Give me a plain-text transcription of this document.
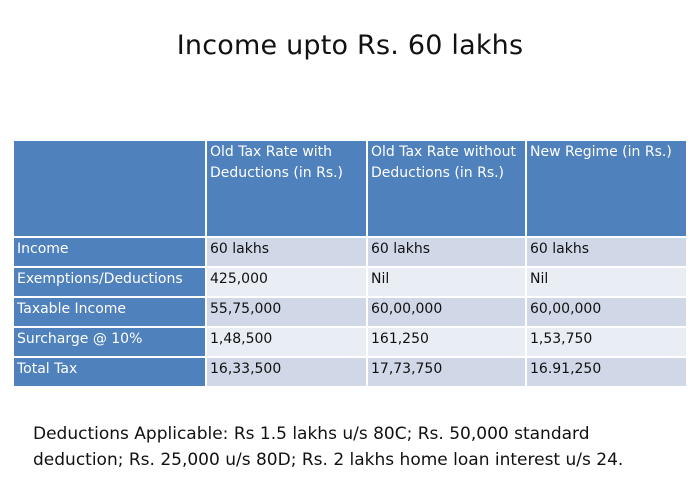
Income upto Rs. 60 lakhs
	Old Tax Rate with Deductions (in Rs.)	Old Tax Rate without Deductions (in Rs.)	New Regime (in Rs.)
Income	60 lakhs	60 lakhs	60 lakhs
Exemptions/Deductions	425,000	Nil	Nil
Taxable Income	55,75,000	60,00,000	60,00,000
Surcharge @ 10%	1,48,500	161,250	1,53,750
Total Tax	16,33,500	17,73,750	16.91,250
Deductions Applicable: Rs 1.5 lakhs u/s 80C; Rs. 50,000 standard deduction; Rs. 25,000 u/s 80D; Rs. 2 lakhs home loan interest u/s 24.
